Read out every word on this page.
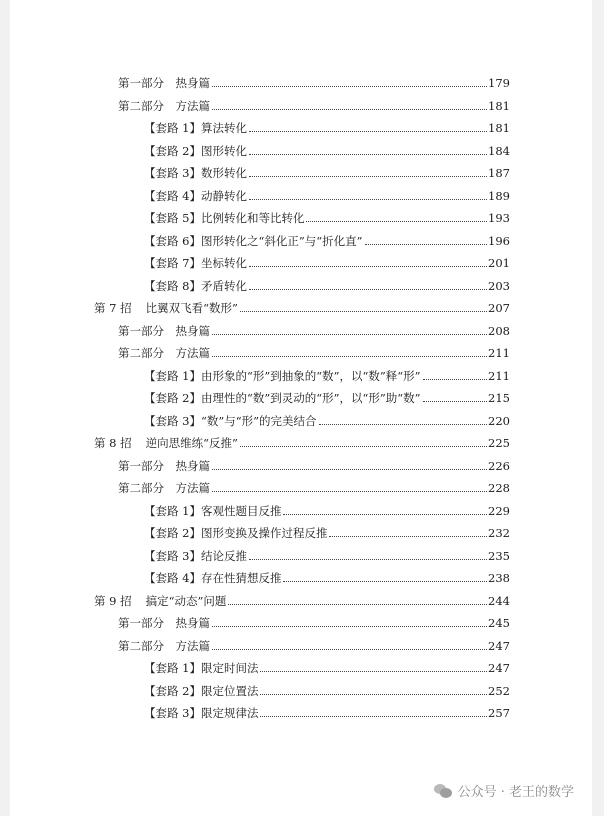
第一部分　热身篇	179
第二部分　方法篇	181
【套路 1】算法转化	181
【套路 2】图形转化	184
【套路 3】数形转化	187
【套路 4】动静转化	189
【套路 5】比例转化和等比转化	193
【套路 6】图形转化之“斜化正”与“折化直”	196
【套路 7】坐标转化	201
【套路 8】矛盾转化	203
第 7 招 比翼双飞看“数形”	207
第一部分　热身篇	208
第二部分　方法篇	211
【套路 1】由形象的“形”到抽象的“数”，以“数”释“形”	211
【套路 2】由理性的“数”到灵动的“形”，以“形”助“数”	215
【套路 3】“数”与“形”的完美结合	220
第 8 招 逆向思维练“反推”	225
第一部分　热身篇	226
第二部分　方法篇	228
【套路 1】客观性题目反推	229
【套路 2】图形变换及操作过程反推	232
【套路 3】结论反推	235
【套路 4】存在性猜想反推	238
第 9 招 搞定“动态”问题	244
第一部分　热身篇	245
第二部分　方法篇	247
【套路 1】限定时间法	247
【套路 2】限定位置法	252
【套路 3】限定规律法	257
公众号 · 老王的数学
